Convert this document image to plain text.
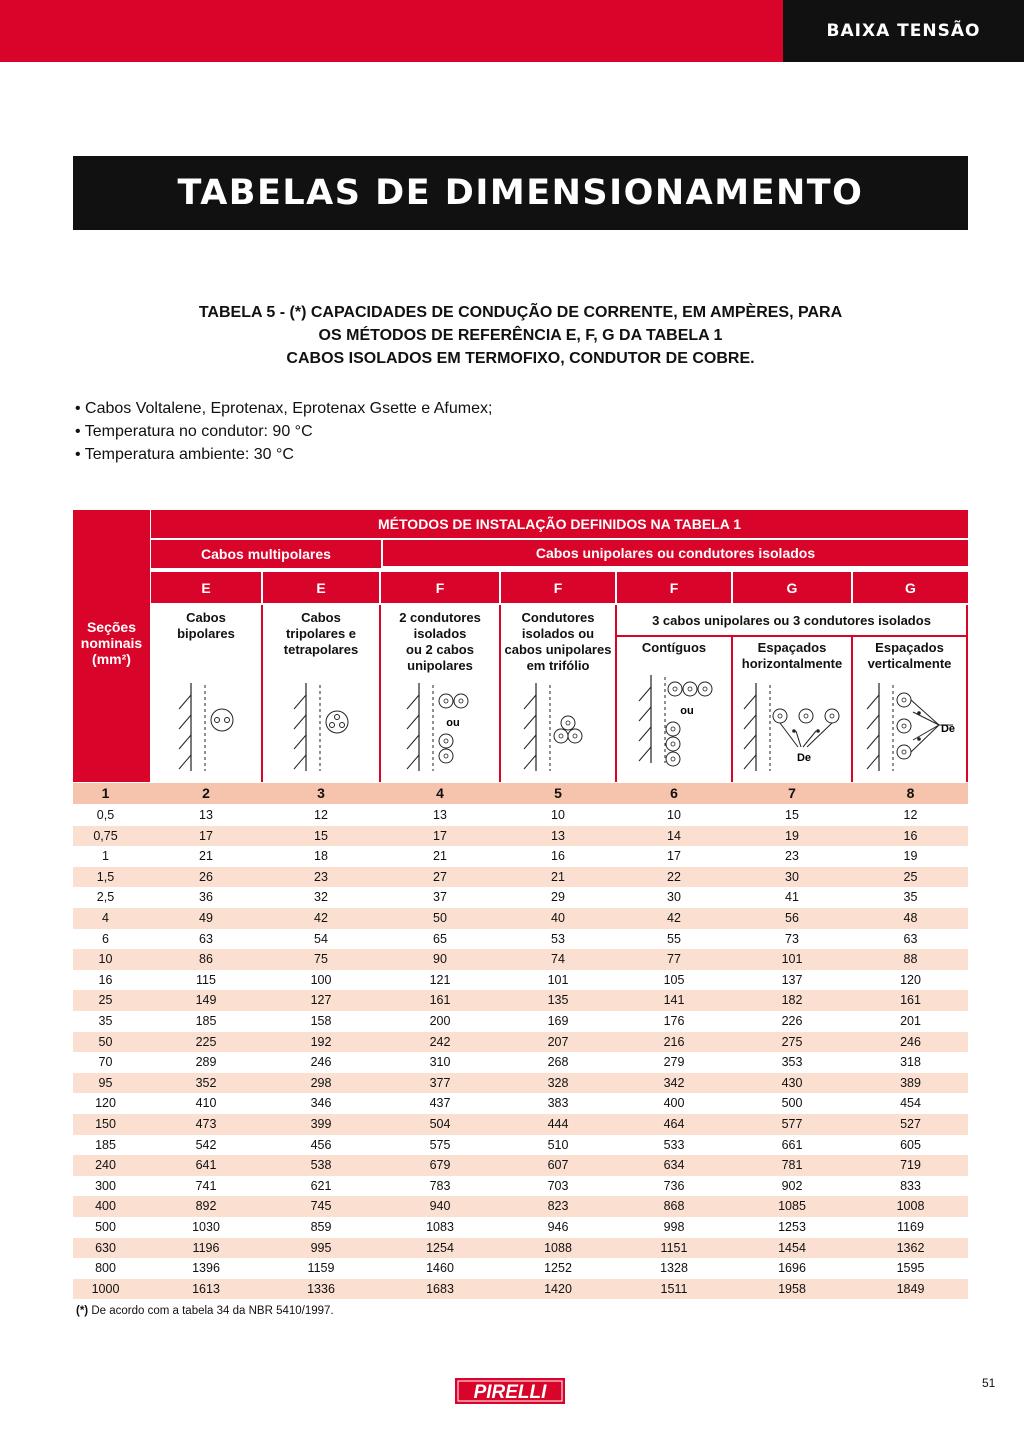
BAIXA TENSÃO
TABELAS DE DIMENSIONAMENTO
TABELA 5 - (*) CAPACIDADES DE CONDUÇÃO DE CORRENTE, EM AMPÈRES, PARA
OS MÉTODOS DE REFERÊNCIA E, F, G DA TABELA 1
CABOS ISOLADOS EM TERMOFIXO, CONDUTOR DE COBRE.
• Cabos Voltalene, Eprotenax, Eprotenax Gsette e Afumex;
• Temperatura no condutor: 90 °C
• Temperatura ambiente: 30 °C
Seções
nominais
(mm²)
MÉTODOS DE INSTALAÇÃO DEFINIDOS NA TABELA 1
Cabos multipolares	Cabos unipolares ou condutores isolados
E	E	F	F	F	G	G
Cabos
bipolares
Cabos
tripolares e
tetrapolares
2 condutores
isolados
ou 2 cabos
unipolares
Condutores
isolados ou
cabos unipolares
em trifólio
3 cabos unipolares ou 3 condutores isolados
Contíguos	Espaçados
horizontalmente
Espaçados
verticalmente
ou
ou
De
De
1	2	3	4	5	6	7	8
0,5	13	12	13	10	10	15	12
0,75	17	15	17	13	14	19	16
1	21	18	21	16	17	23	19
1,5	26	23	27	21	22	30	25
2,5	36	32	37	29	30	41	35
4	49	42	50	40	42	56	48
6	63	54	65	53	55	73	63
10	86	75	90	74	77	101	88
16	115	100	121	101	105	137	120
25	149	127	161	135	141	182	161
35	185	158	200	169	176	226	201
50	225	192	242	207	216	275	246
70	289	246	310	268	279	353	318
95	352	298	377	328	342	430	389
120	410	346	437	383	400	500	454
150	473	399	504	444	464	577	527
185	542	456	575	510	533	661	605
240	641	538	679	607	634	781	719
300	741	621	783	703	736	902	833
400	892	745	940	823	868	1085	1008
500	1030	859	1083	946	998	1253	1169
630	1196	995	1254	1088	1151	1454	1362
800	1396	1159	1460	1252	1328	1696	1595
1000	1613	1336	1683	1420	1511	1958	1849
(*) De acordo com a tabela 34 da NBR 5410/1997.
PIRELLI	51
